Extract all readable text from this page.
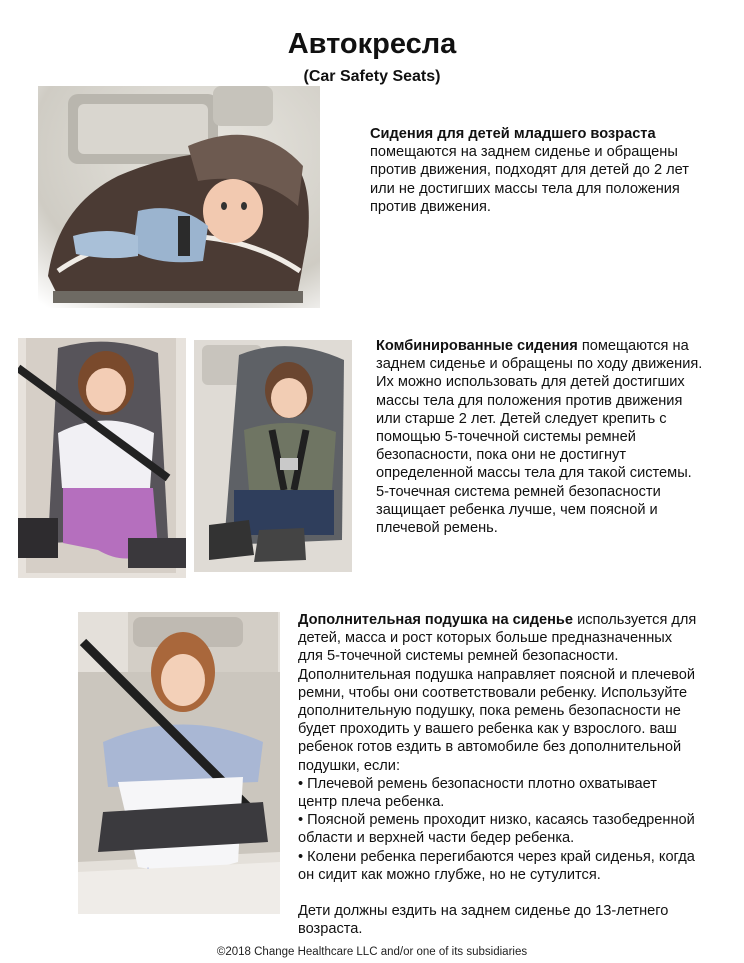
Автокресла
(Car Safety Seats)

Сидения для детей младшего возраста помещаются на заднем сиденье и обращены против движения, подходят для детей до 2 лет или не достигших массы тела для положения против движения.

Комбинированные сидения помещаются на заднем сиденье и обращены по ходу движения. Их можно использовать для детей достигших массы тела для положения против движения или старше 2 лет. Детей следует крепить с помощью 5-точечной системы ремней безопасности, пока они не достигнут определенной массы тела для такой системы. 5-точечная система ремней безопасности защищает ребенка лучше, чем поясной и плечевой ремень.

Дополнительная подушка на сиденье используется для детей, масса и рост которых больше предназначенных для 5-точечной системы ремней безопасности. Дополнительная подушка направляет поясной и плечевой ремни, чтобы они соответствовали ребенку. Используйте дополнительную подушку, пока ремень безопасности не будет проходить у вашего ребенка как у взрослого. ваш ребенок готов ездить в автомобиле без дополнительной подушки, если:

• Плечевой ремень безопасности плотно охватывает центр плеча ребенка.
• Поясной ремень проходит низко, касаясь тазобедренной области и верхней части бедер ребенка.
• Колени ребенка перегибаются через край сиденья, когда он сидит как можно глубже, но не сутулится.

Дети должны ездить на заднем сиденье до 13-летнего возраста.

©2018 Change Healthcare LLC and/or one of its subsidiaries
